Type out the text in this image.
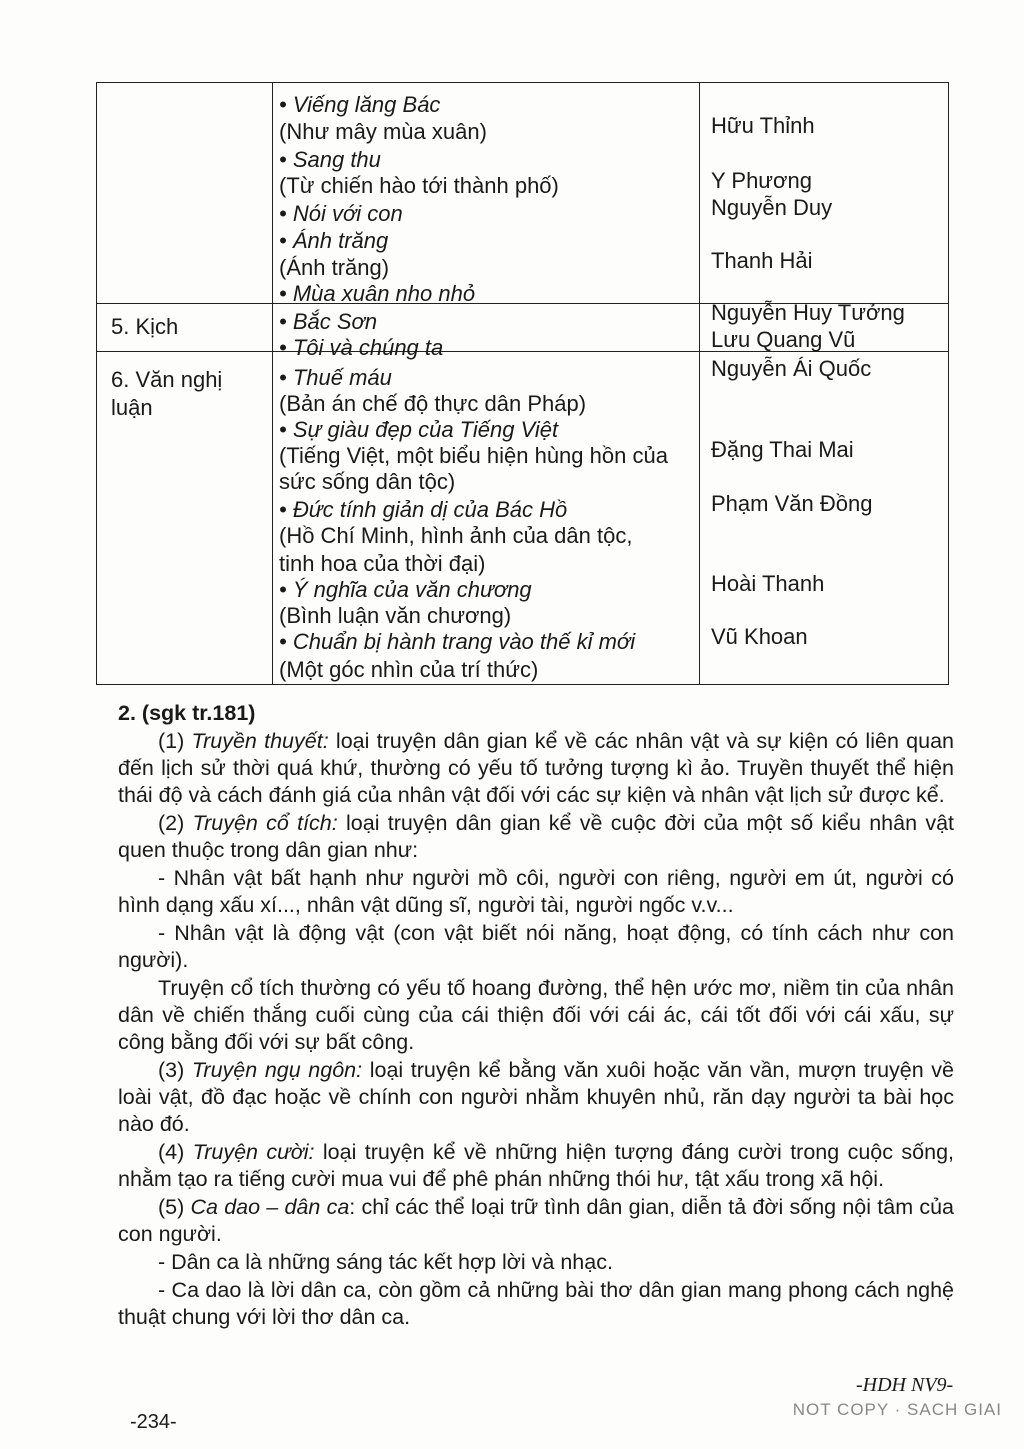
• Viếng lăng Bác
(Như mây mùa xuân)
• Sang thu
(Từ chiến hào tới thành phố)
• Nói với con
• Ánh trăng
(Ánh trăng)
• Mùa xuân nho nhỏ
Hữu Thỉnh
Y Phương
Nguyễn Duy
Thanh Hải
5. Kịch	• Bắc Sơn
• Tôi và chúng ta
Nguyễn Huy Tưởng
Lưu Quang Vũ
6. Văn nghị
luận
• Thuế máu
(Bản án chế độ thực dân Pháp)
• Sự giàu đẹp của Tiếng Việt
(Tiếng Việt, một biểu hiện hùng hồn của
sức sống dân tộc)
• Đức tính giản dị của Bác Hồ
(Hồ Chí Minh, hình ảnh của dân tộc,
tinh hoa của thời đại)
• Ý nghĩa của văn chương
(Bình luận văn chương)
• Chuẩn bị hành trang vào thế kỉ mới
(Một góc nhìn của trí thức)
Nguyễn Ái Quốc
Đặng Thai Mai
Phạm Văn Đồng
Hoài Thanh
Vũ Khoan

2. (sgk tr.181)

(1) Truyền thuyết: loại truyện dân gian kể về các nhân vật và sự kiện có liên quan đến lịch sử thời quá khứ, thường có yếu tố tưởng tượng kì ảo. Truyền thuyết thể hiện thái độ và cách đánh giá của nhân vật đối với các sự kiện và nhân vật lịch sử được kể.

(2) Truyện cổ tích: loại truyện dân gian kể về cuộc đời của một số kiểu nhân vật quen thuộc trong dân gian như:

- Nhân vật bất hạnh như người mồ côi, người con riêng, người em út, người có hình dạng xấu xí..., nhân vật dũng sĩ, người tài, người ngốc v.v...

- Nhân vật là động vật (con vật biết nói năng, hoạt động, có tính cách như con người).

Truyện cổ tích thường có yếu tố hoang đường, thể hện ước mơ, niềm tin của nhân dân về chiến thắng cuối cùng của cái thiện đối với cái ác, cái tốt đối với cái xấu, sự công bằng đối với sự bất công.

(3) Truyện ngụ ngôn: loại truyện kể bằng văn xuôi hoặc văn vần, mượn truyện về loài vật, đồ đạc hoặc về chính con người nhằm khuyên nhủ, răn dạy người ta bài học nào đó.

(4) Truyện cười: loại truyện kể về những hiện tượng đáng cười trong cuộc sống, nhằm tạo ra tiếng cười mua vui để phê phán những thói hư, tật xấu trong xã hội.

(5) Ca dao – dân ca: chỉ các thể loại trữ tình dân gian, diễn tả đời sống nội tâm của con người.

- Dân ca là những sáng tác kết hợp lời và nhạc.

- Ca dao là lời dân ca, còn gồm cả những bài thơ dân gian mang phong cách nghệ thuật chung với lời thơ dân ca.

-234-
-HDH NV9-
NOT COPY · SACH GIAI
